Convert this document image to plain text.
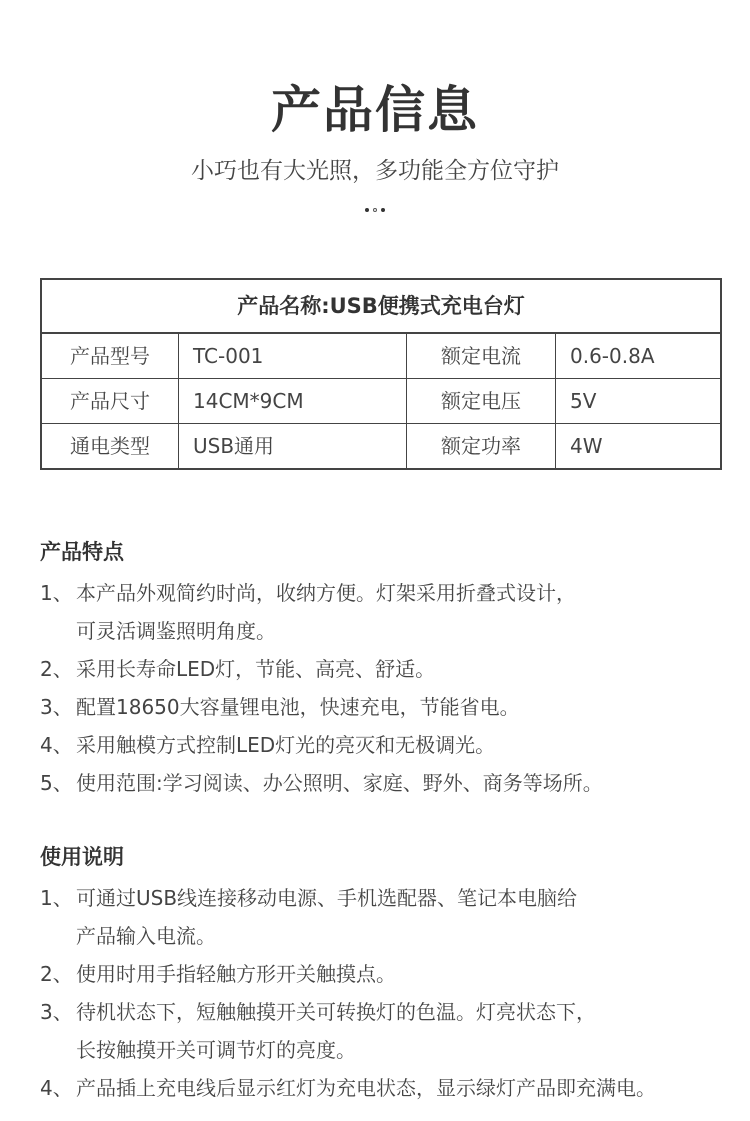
产品信息
小巧也有大光照，多功能全方位守护
产品名称:USB便携式充电台灯
产品型号	TC-001	额定电流	0.6-0.8A
产品尺寸	14CM*9CM	额定电压	5V
通电类型	USB通用	额定功率	4W
产品特点
1、 本产品外观简约时尚，收纳方便。灯架采用折叠式设计，
可灵活调鉴照明角度。
2、 采用长寿命LED灯，节能、高亮、舒适。
3、 配置18650大容量锂电池，快速充电，节能省电。
4、 采用触模方式控制LED灯光的亮灭和无极调光。
5、 使用范围:学习阅读、办公照明、家庭、野外、商务等场所。
使用说明
1、 可通过USB线连接移动电源、手机选配器、笔记本电脑给
产品输入电流。
2、 使用时用手指轻触方形开关触摸点。
3、 待机状态下，短触触摸开关可转换灯的色温。灯亮状态下，
长按触摸开关可调节灯的亮度。
4、 产品插上充电线后显示红灯为充电状态，显示绿灯产品即充满电。
